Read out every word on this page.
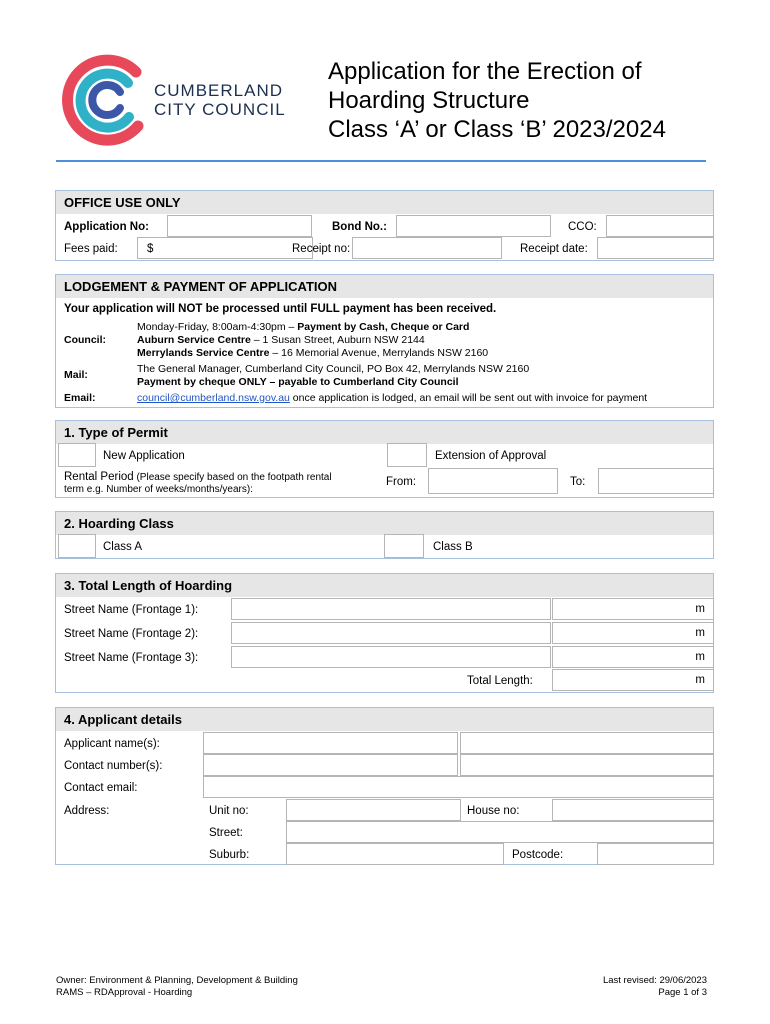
CUMBERLAND
CITY COUNCIL
Application for the Erection of
Hoarding Structure
Class ‘A’ or Class ‘B’ 2023/2024
OFFICE USE ONLY
Application No:	Bond No.:	CCO:
Fees paid:	$	Receipt no:	Receipt date:
LODGEMENT & PAYMENT OF APPLICATION
Your application will NOT be processed until FULL payment has been received.
Council:
Monday-Friday, 8:00am-4:30pm – Payment by Cash, Cheque or Card
Auburn Service Centre – 1 Susan Street, Auburn NSW 2144
Merrylands Service Centre – 16 Memorial Avenue, Merrylands NSW 2160
Mail:	The General Manager, Cumberland City Council, PO Box 42, Merrylands NSW 2160
Payment by cheque ONLY – payable to Cumberland City Council
Email:	council@cumberland.nsw.gov.au once application is lodged, an email will be sent out with invoice for payment
1. Type of Permit
New Application	Extension of Approval
Rental Period (Please specify based on the footpath rental
term e.g. Number of weeks/months/years):
From:	To:
2. Hoarding Class
Class A	Class B
3. Total Length of Hoarding
Street Name (Frontage 1):	m
Street Name (Frontage 2):	m
Street Name (Frontage 3):	m
Total Length:	m
4. Applicant details
Applicant name(s):
Contact number(s):
Contact email:
Address:	Unit no:	House no:
Street:
Suburb:	Postcode:
Owner: Environment & Planning, Development & Building
RAMS – RDApproval - Hoarding
Last revised: 29/06/2023
Page 1 of 3
